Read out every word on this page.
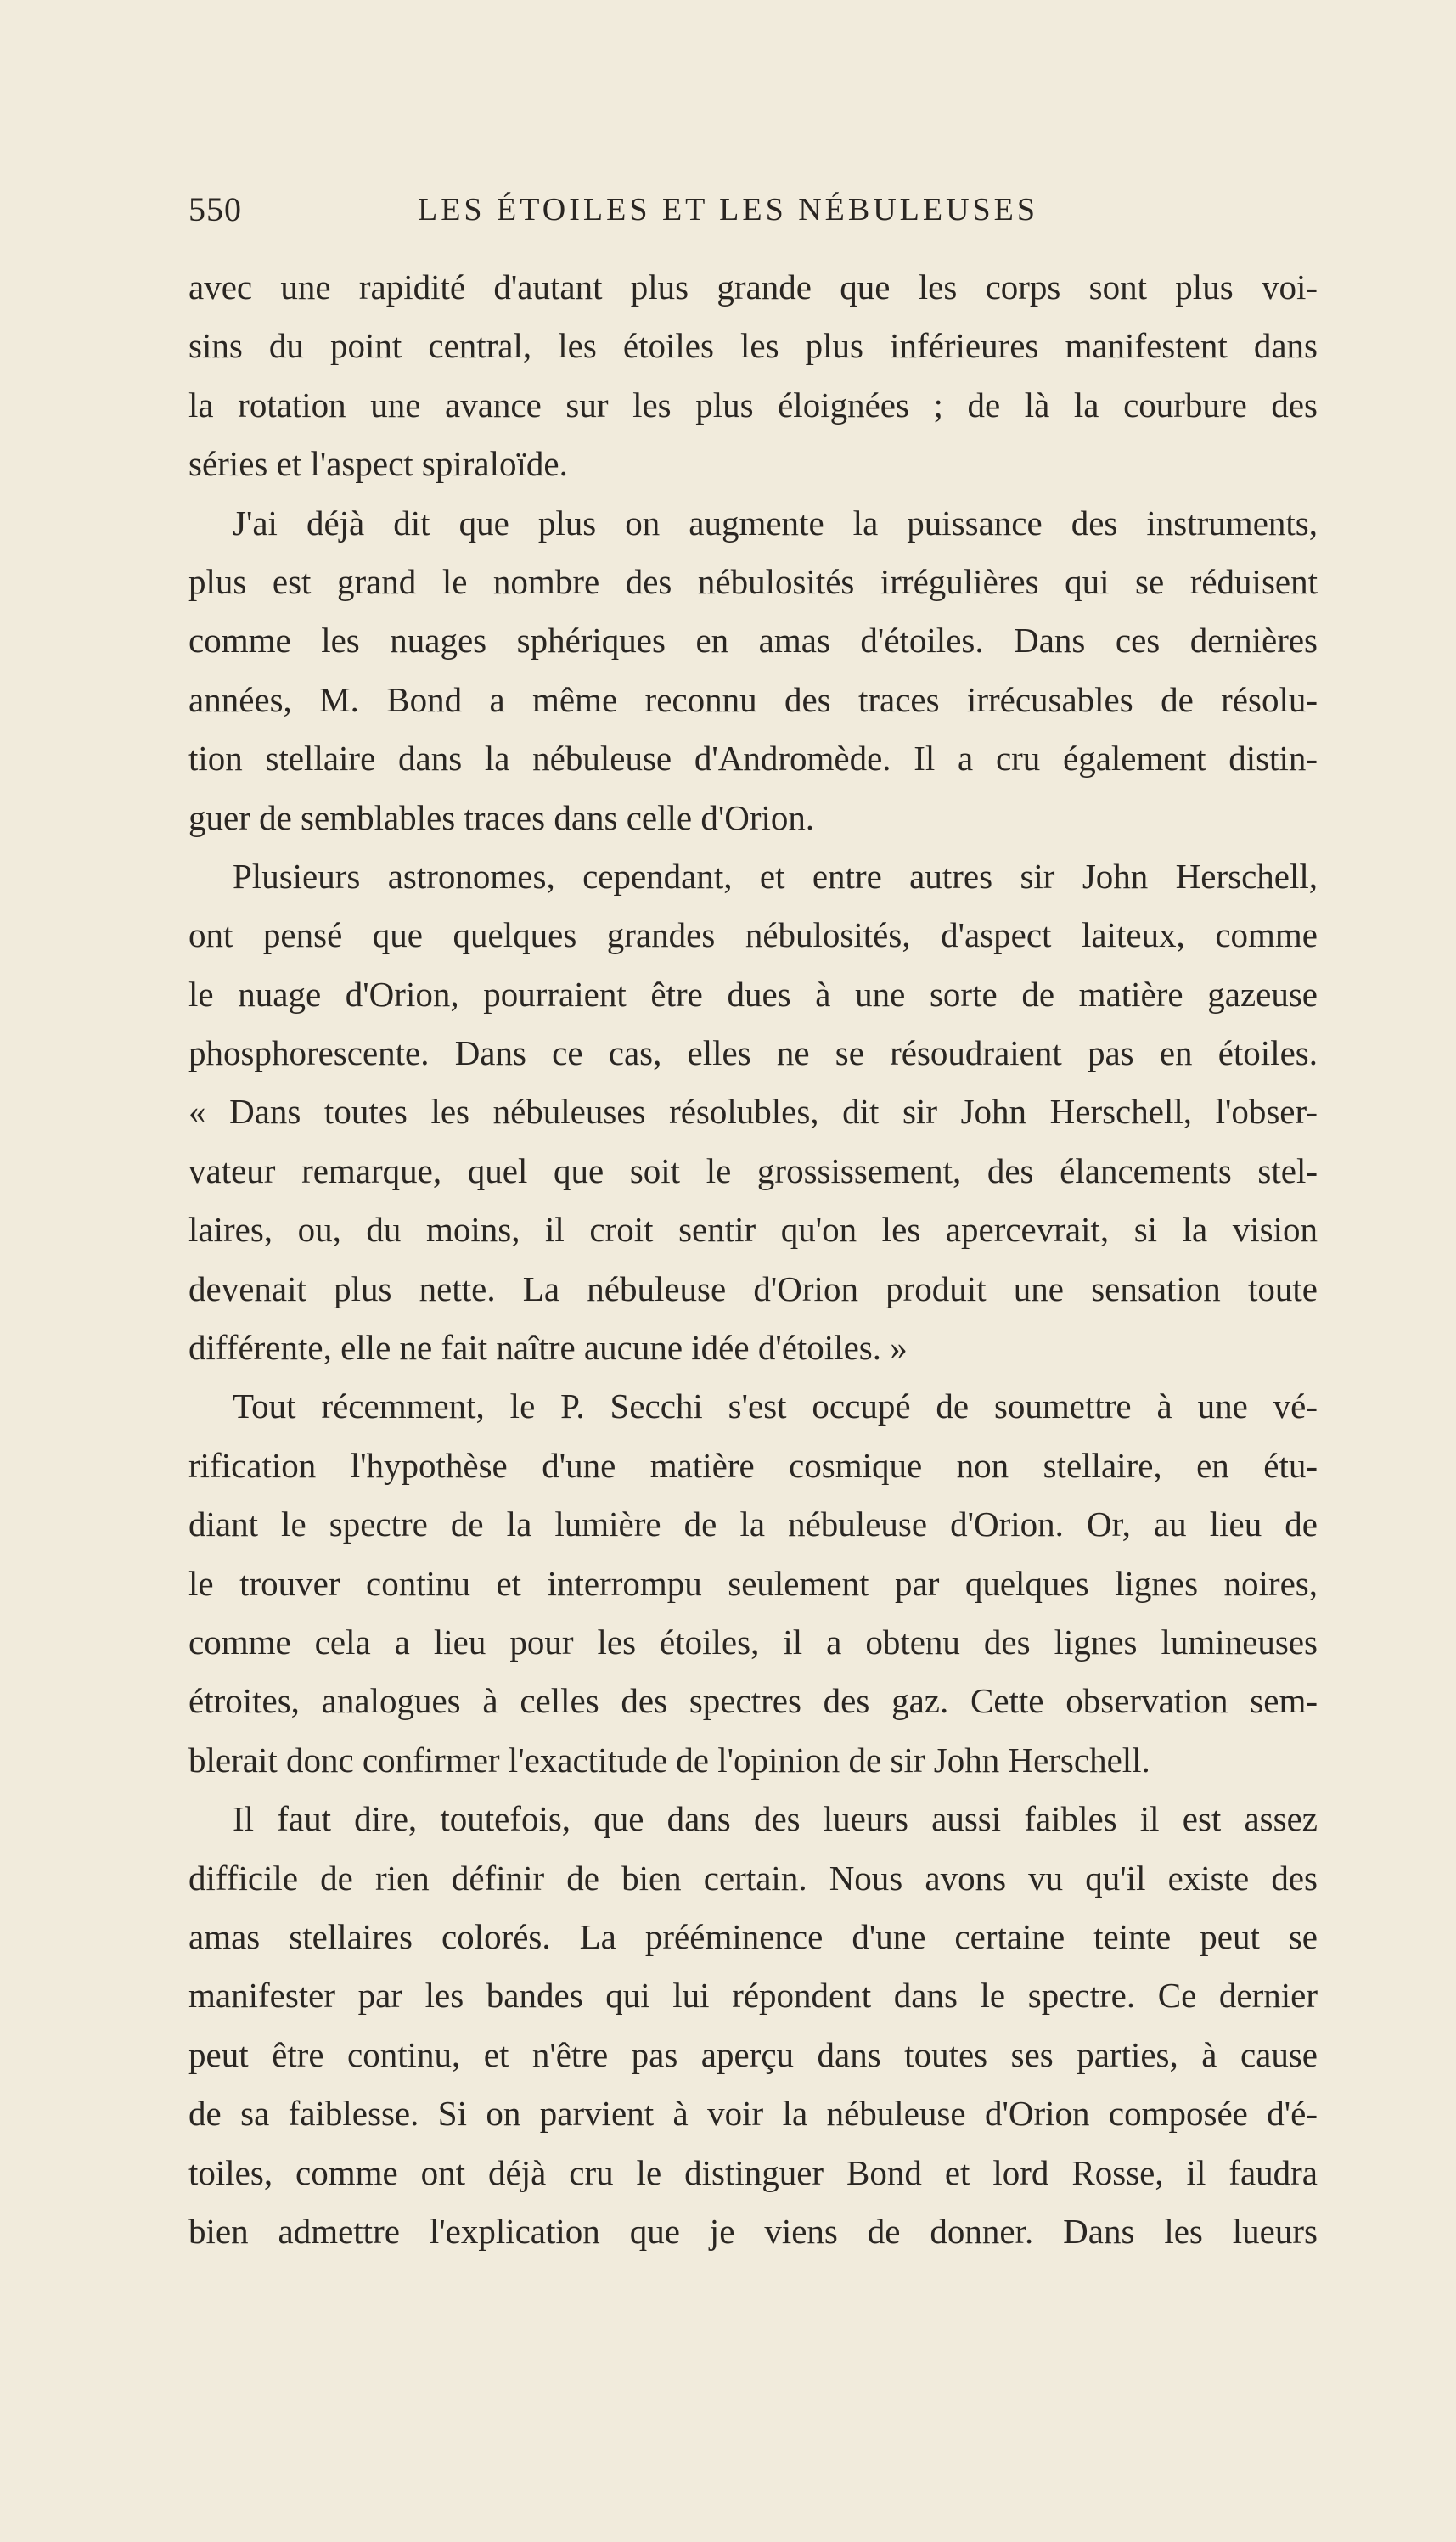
550	LES ÉTOILES ET LES NÉBULEUSES
avec une rapidité d'autant plus grande que les corps sont plus voi-
sins du point central, les étoiles les plus inférieures manifestent dans
la rotation une avance sur les plus éloignées ; de là la courbure des
séries et l'aspect spiraloïde.
J'ai déjà dit que plus on augmente la puissance des instruments,
plus est grand le nombre des nébulosités irrégulières qui se réduisent
comme les nuages sphériques en amas d'étoiles. Dans ces dernières
années, M. Bond a même reconnu des traces irrécusables de résolu-
tion stellaire dans la nébuleuse d'Andromède. Il a cru également distin-
guer de semblables traces dans celle d'Orion.
Plusieurs astronomes, cependant, et entre autres sir John Herschell,
ont pensé que quelques grandes nébulosités, d'aspect laiteux, comme
le nuage d'Orion, pourraient être dues à une sorte de matière gazeuse
phosphorescente. Dans ce cas, elles ne se résoudraient pas en étoiles.
« Dans toutes les nébuleuses résolubles, dit sir John Herschell, l'obser-
vateur remarque, quel que soit le grossissement, des élancements stel-
laires, ou, du moins, il croit sentir qu'on les apercevrait, si la vision
devenait plus nette. La nébuleuse d'Orion produit une sensation toute
différente, elle ne fait naître aucune idée d'étoiles. »
Tout récemment, le P. Secchi s'est occupé de soumettre à une vé-
rification l'hypothèse d'une matière cosmique non stellaire, en étu-
diant le spectre de la lumière de la nébuleuse d'Orion. Or, au lieu de
le trouver continu et interrompu seulement par quelques lignes noires,
comme cela a lieu pour les étoiles, il a obtenu des lignes lumineuses
étroites, analogues à celles des spectres des gaz. Cette observation sem-
blerait donc confirmer l'exactitude de l'opinion de sir John Herschell.
Il faut dire, toutefois, que dans des lueurs aussi faibles il est assez
difficile de rien définir de bien certain. Nous avons vu qu'il existe des
amas stellaires colorés. La prééminence d'une certaine teinte peut se
manifester par les bandes qui lui répondent dans le spectre. Ce dernier
peut être continu, et n'être pas aperçu dans toutes ses parties, à cause
de sa faiblesse. Si on parvient à voir la nébuleuse d'Orion composée d'é-
toiles, comme ont déjà cru le distinguer Bond et lord Rosse, il faudra
bien admettre l'explication que je viens de donner. Dans les lueurs
